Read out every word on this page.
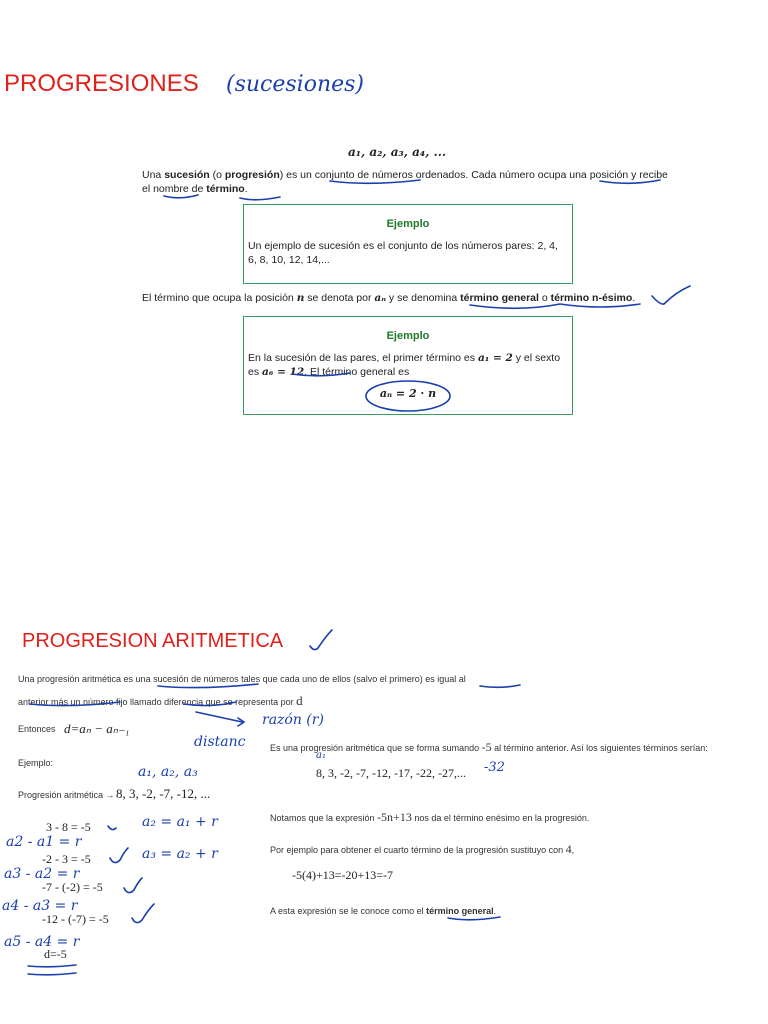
PROGRESIONES (sucesiones)
a₁, a₂, a₃, a₄, ...
Una sucesión (o progresión) es un conjunto de números ordenados. Cada número ocupa una posición y recibe el nombre de término.
Ejemplo
Un ejemplo de sucesión es el conjunto de los números pares: 2, 4, 6, 8, 10, 12, 14,...
El término que ocupa la posición n se denota por aₙ y se denomina término general o término n-ésimo.
Ejemplo
En la sucesión de las pares, el primer término es a₁ = 2 y el sexto es a₆ = 12. El término general es
aₙ = 2 · n
PROGRESION ARITMETICA
Una progresión aritmética es una sucesión de números tales que cada uno de ellos (salvo el primero) es igual al
anterior más un número fijo llamado diferencia que se representa por d
Entonces d=aₙ − aₙ₋₁
Ejemplo:
Progresión aritmética → 8, 3, -2, -7, -12, ...
3 - 8 = -5
-2 - 3 = -5
-7 - (-2) = -5
-12 - (-7) = -5
d=-5
Es una progresión aritmética que se forma sumando -5 al término anterior. Así los siguientes términos serían:
8, 3, -2, -7, -12, -17, -22, -27,...
Notamos que la expresión -5n+13 nos da el término enésimo en la progresión.
Por ejemplo para obtener el cuarto término de la progresión sustituyo con 4,
-5(4)+13=-20+13=-7
A esta expresión se le conoce como el término general.
razón (r)
distanc
a₁, a₂, a₃
a₂ = a₁ + r
a₃ = a₂ + r
-32
a₁
a2 - a1 = r
a3 - a2 = r
a4 - a3 = r
a5 - a4 = r
